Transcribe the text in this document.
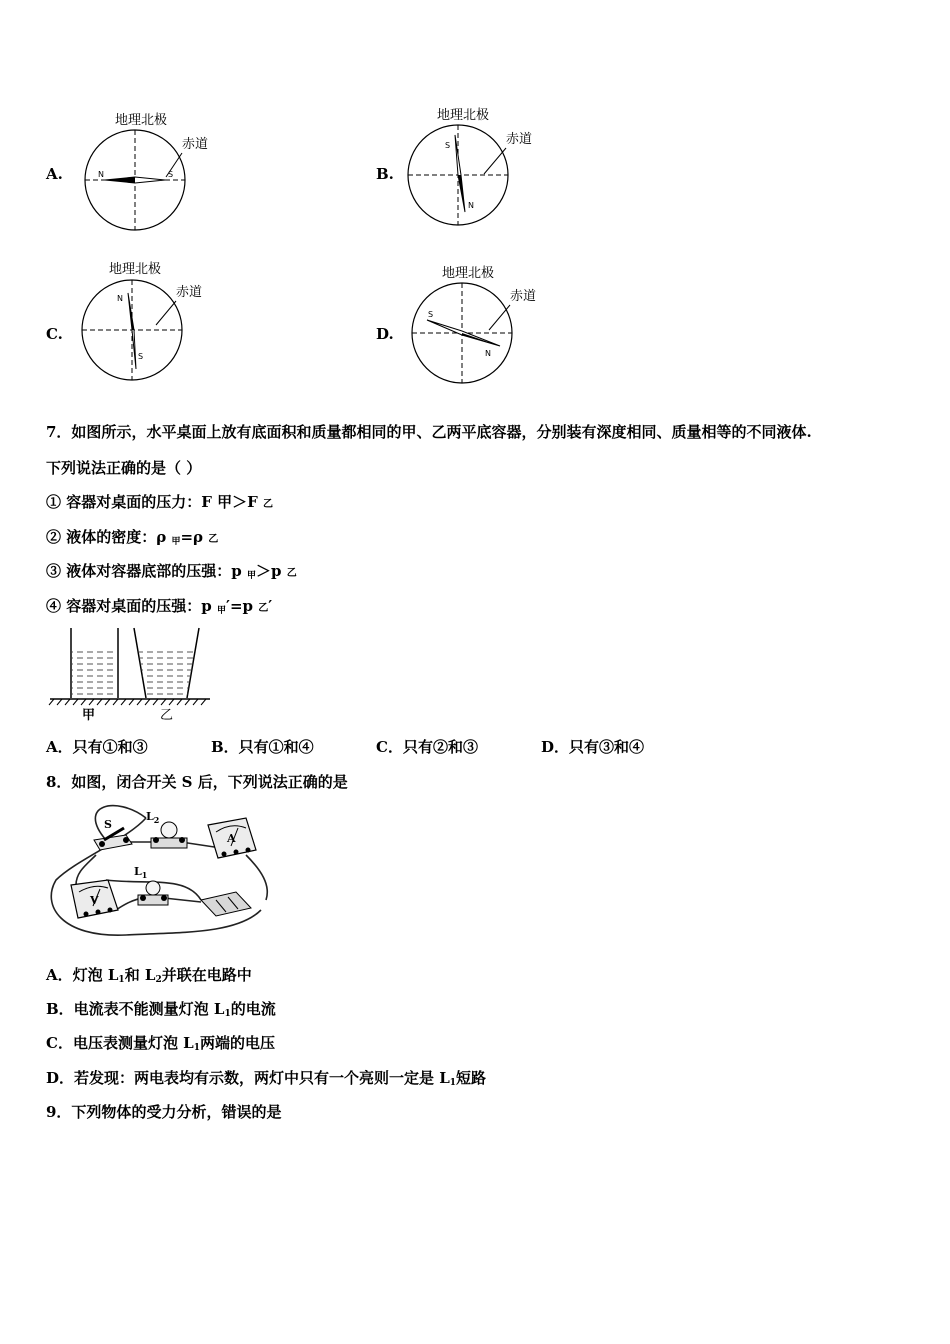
A.
地理北极
赤道
N	S	B.
地理北极
赤道
S
N
C.
地理北极
赤道
N
S
D.
地理北极
赤道
S
N
7．如图所示，水平桌面上放有底面积和质量都相同的甲、乙两平底容器，分别装有深度相同、质量相等的不同液体.
下列说法正确的是（ ）
① 容器对桌面的压力：F 甲＞F 乙
② 液体的密度：ρ $_甲$=ρ 乙
③ 液体对容器底部的压强：p $_甲$＞p 乙
④ 容器对桌面的压强：p $_甲$′=p 乙′
甲	乙
A．只有①和③	B．只有①和④	C．只有②和③	D．只有③和④
8．如图，闭合开关 S 后，下列说法正确的是
S
$L_2$
A
$L_1$
V
A．灯泡 $L_1$和 $L_2$并联在电路中
B．电流表不能测量灯泡 $L_1$的电流
C．电压表测量灯泡 $L_1$两端的电压
D．若发现：两电表均有示数，两灯中只有一个亮则一定是 $L_1$短路
9．下列物体的受力分析，错误的是
